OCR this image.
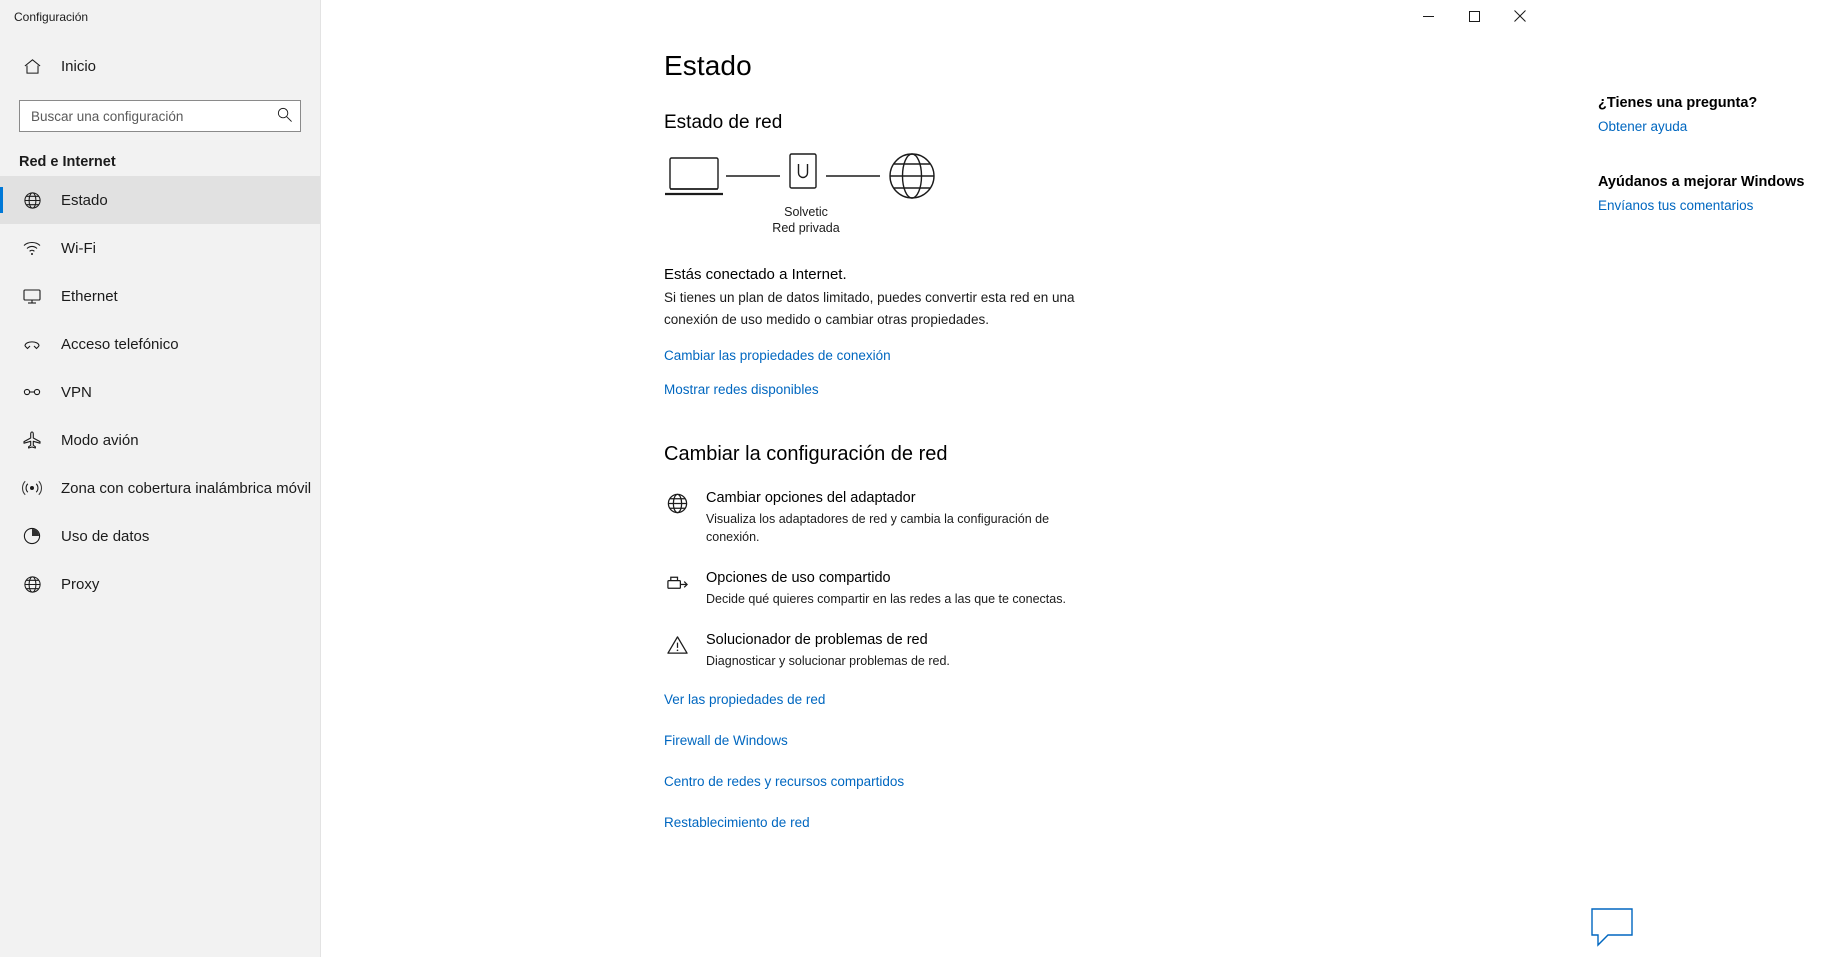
Configuración
Inicio
Buscar una configuración
Red e Internet
Estado
Wi-Fi
Ethernet
Acceso telefónico
VPN
Modo avión
Zona con cobertura inalámbrica móvil
Uso de datos
Proxy
Estado
Estado de red
Solvetic
Red privada

Estás conectado a Internet.

Si tienes un plan de datos limitado, puedes convertir esta red en una conexión de uso medido o cambiar otras propiedades.

Cambiar las propiedades de conexión
Mostrar redes disponibles
Cambiar la configuración de red

Cambiar opciones del adaptador

Visualiza los adaptadores de red y cambia la configuración de conexión.

Opciones de uso compartido

Decide qué quieres compartir en las redes a las que te conectas.

Solucionador de problemas de red

Diagnosticar y solucionar problemas de red.

Ver las propiedades de red
Firewall de Windows
Centro de redes y recursos compartidos
Restablecimiento de red
¿Tienes una pregunta?
Obtener ayuda
Ayúdanos a mejorar Windows
Envíanos tus comentarios
